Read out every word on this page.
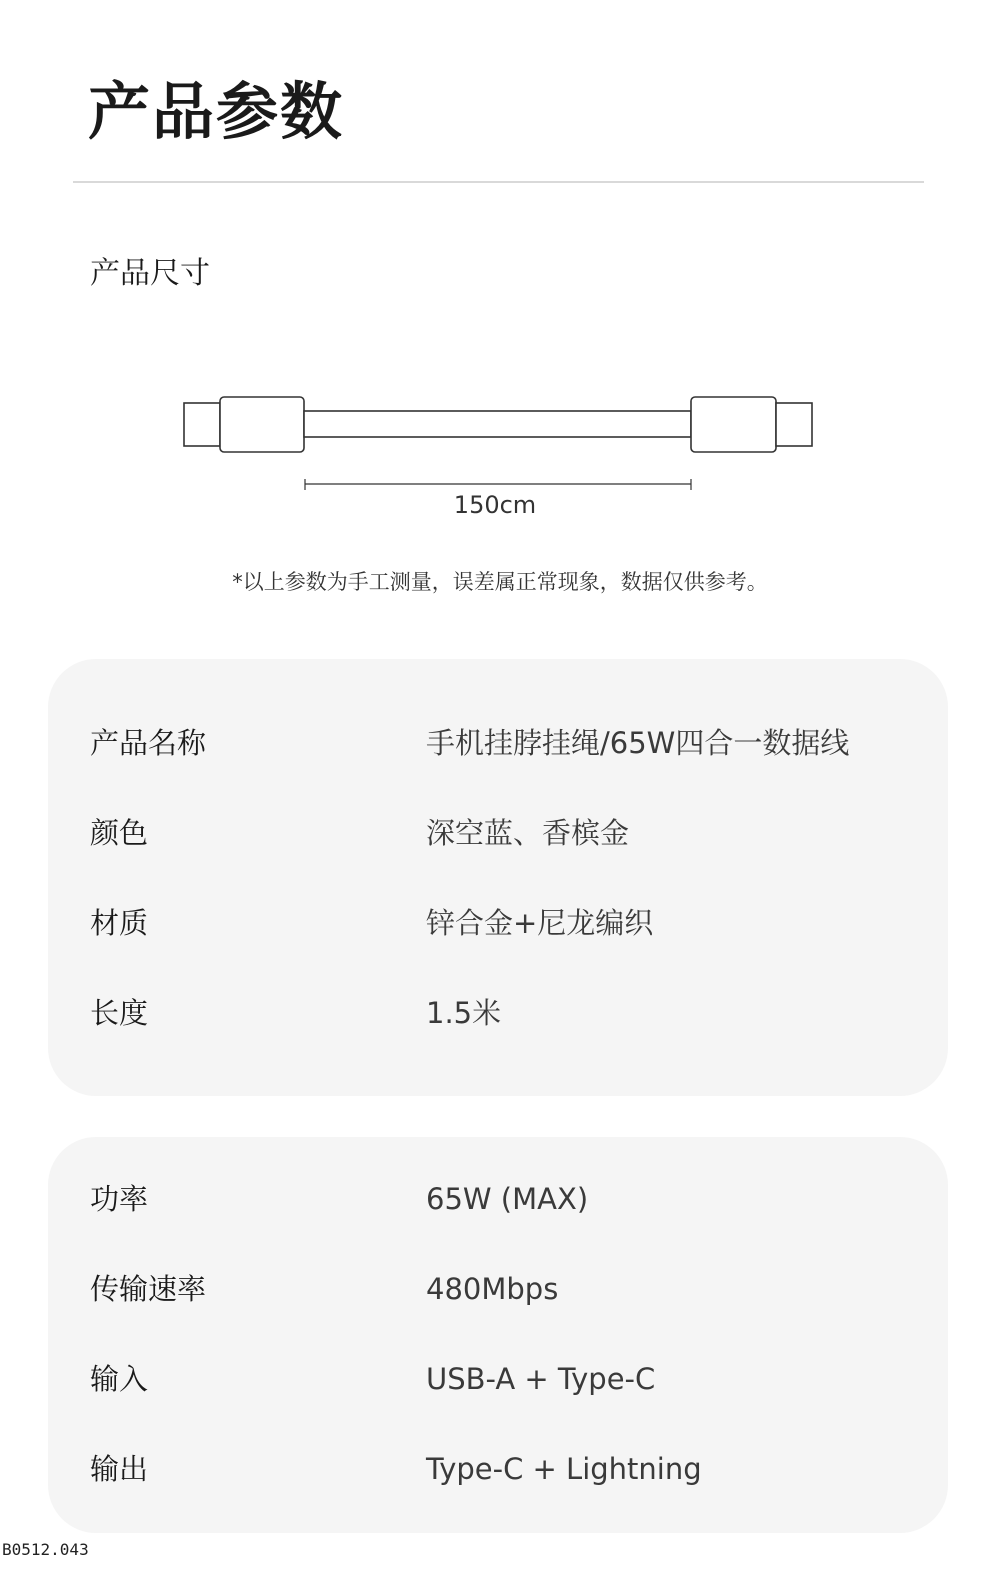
产品参数
产品尺寸
150cm
*以上参数为手工测量，误差属正常现象，数据仅供参考。
产品名称	手机挂脖挂绳/65W四合一数据线
颜色	深空蓝、香槟金
材质	锌合金+尼龙编织
长度	1.5米
功率	65W (MAX)
传输速率	480Mbps
输入	USB-A + Type-C
输出	Type-C + Lightning
B0512.043
